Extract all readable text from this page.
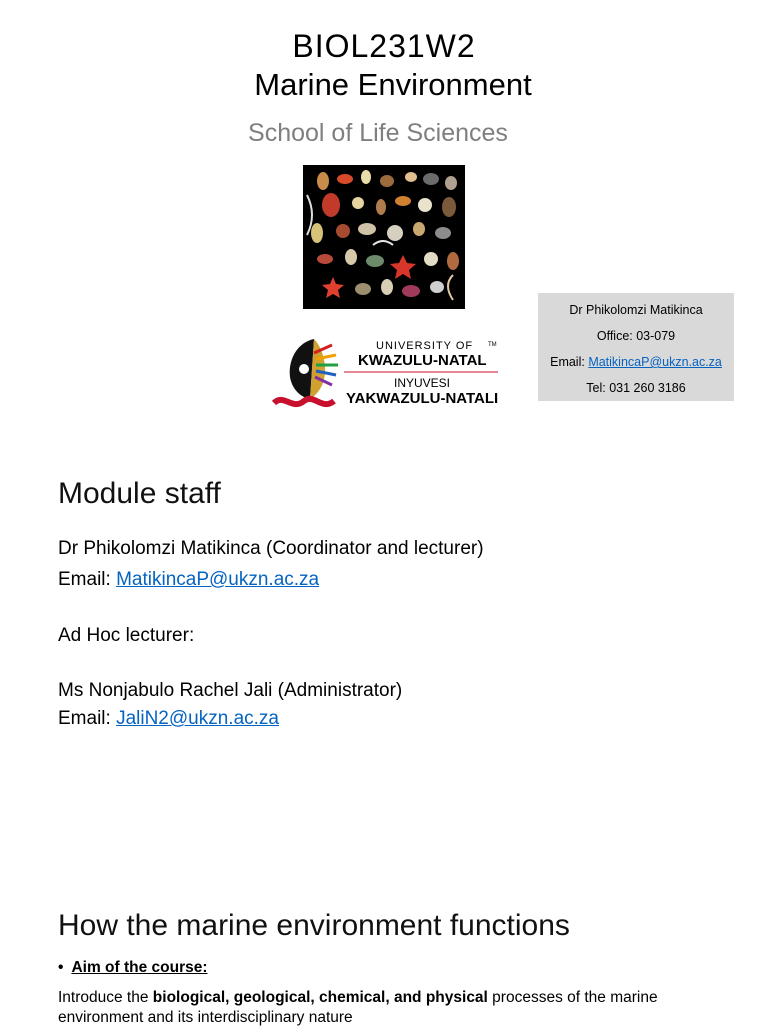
BIOL231W2
Marine Environment
School of Life Sciences
UNIVERSITY OF TM
KWAZULU-NATAL
INYUVESI
YAKWAZULU-NATALI
Dr Phikolomzi Matikinca
Office: 03-079
Email: MatikincaP@ukzn.ac.za
Tel: 031 260 3186
Module staff
Dr Phikolomzi Matikinca (Coordinator and lecturer)
Email: MatikincaP@ukzn.ac.za
Ad Hoc lecturer:
Ms Nonjabulo Rachel Jali (Administrator)
Email: JaliN2@ukzn.ac.za
How the marine environment functions
• Aim of the course:
Introduce the biological, geological, chemical, and physical processes of the marine
environment and its interdisciplinary nature
